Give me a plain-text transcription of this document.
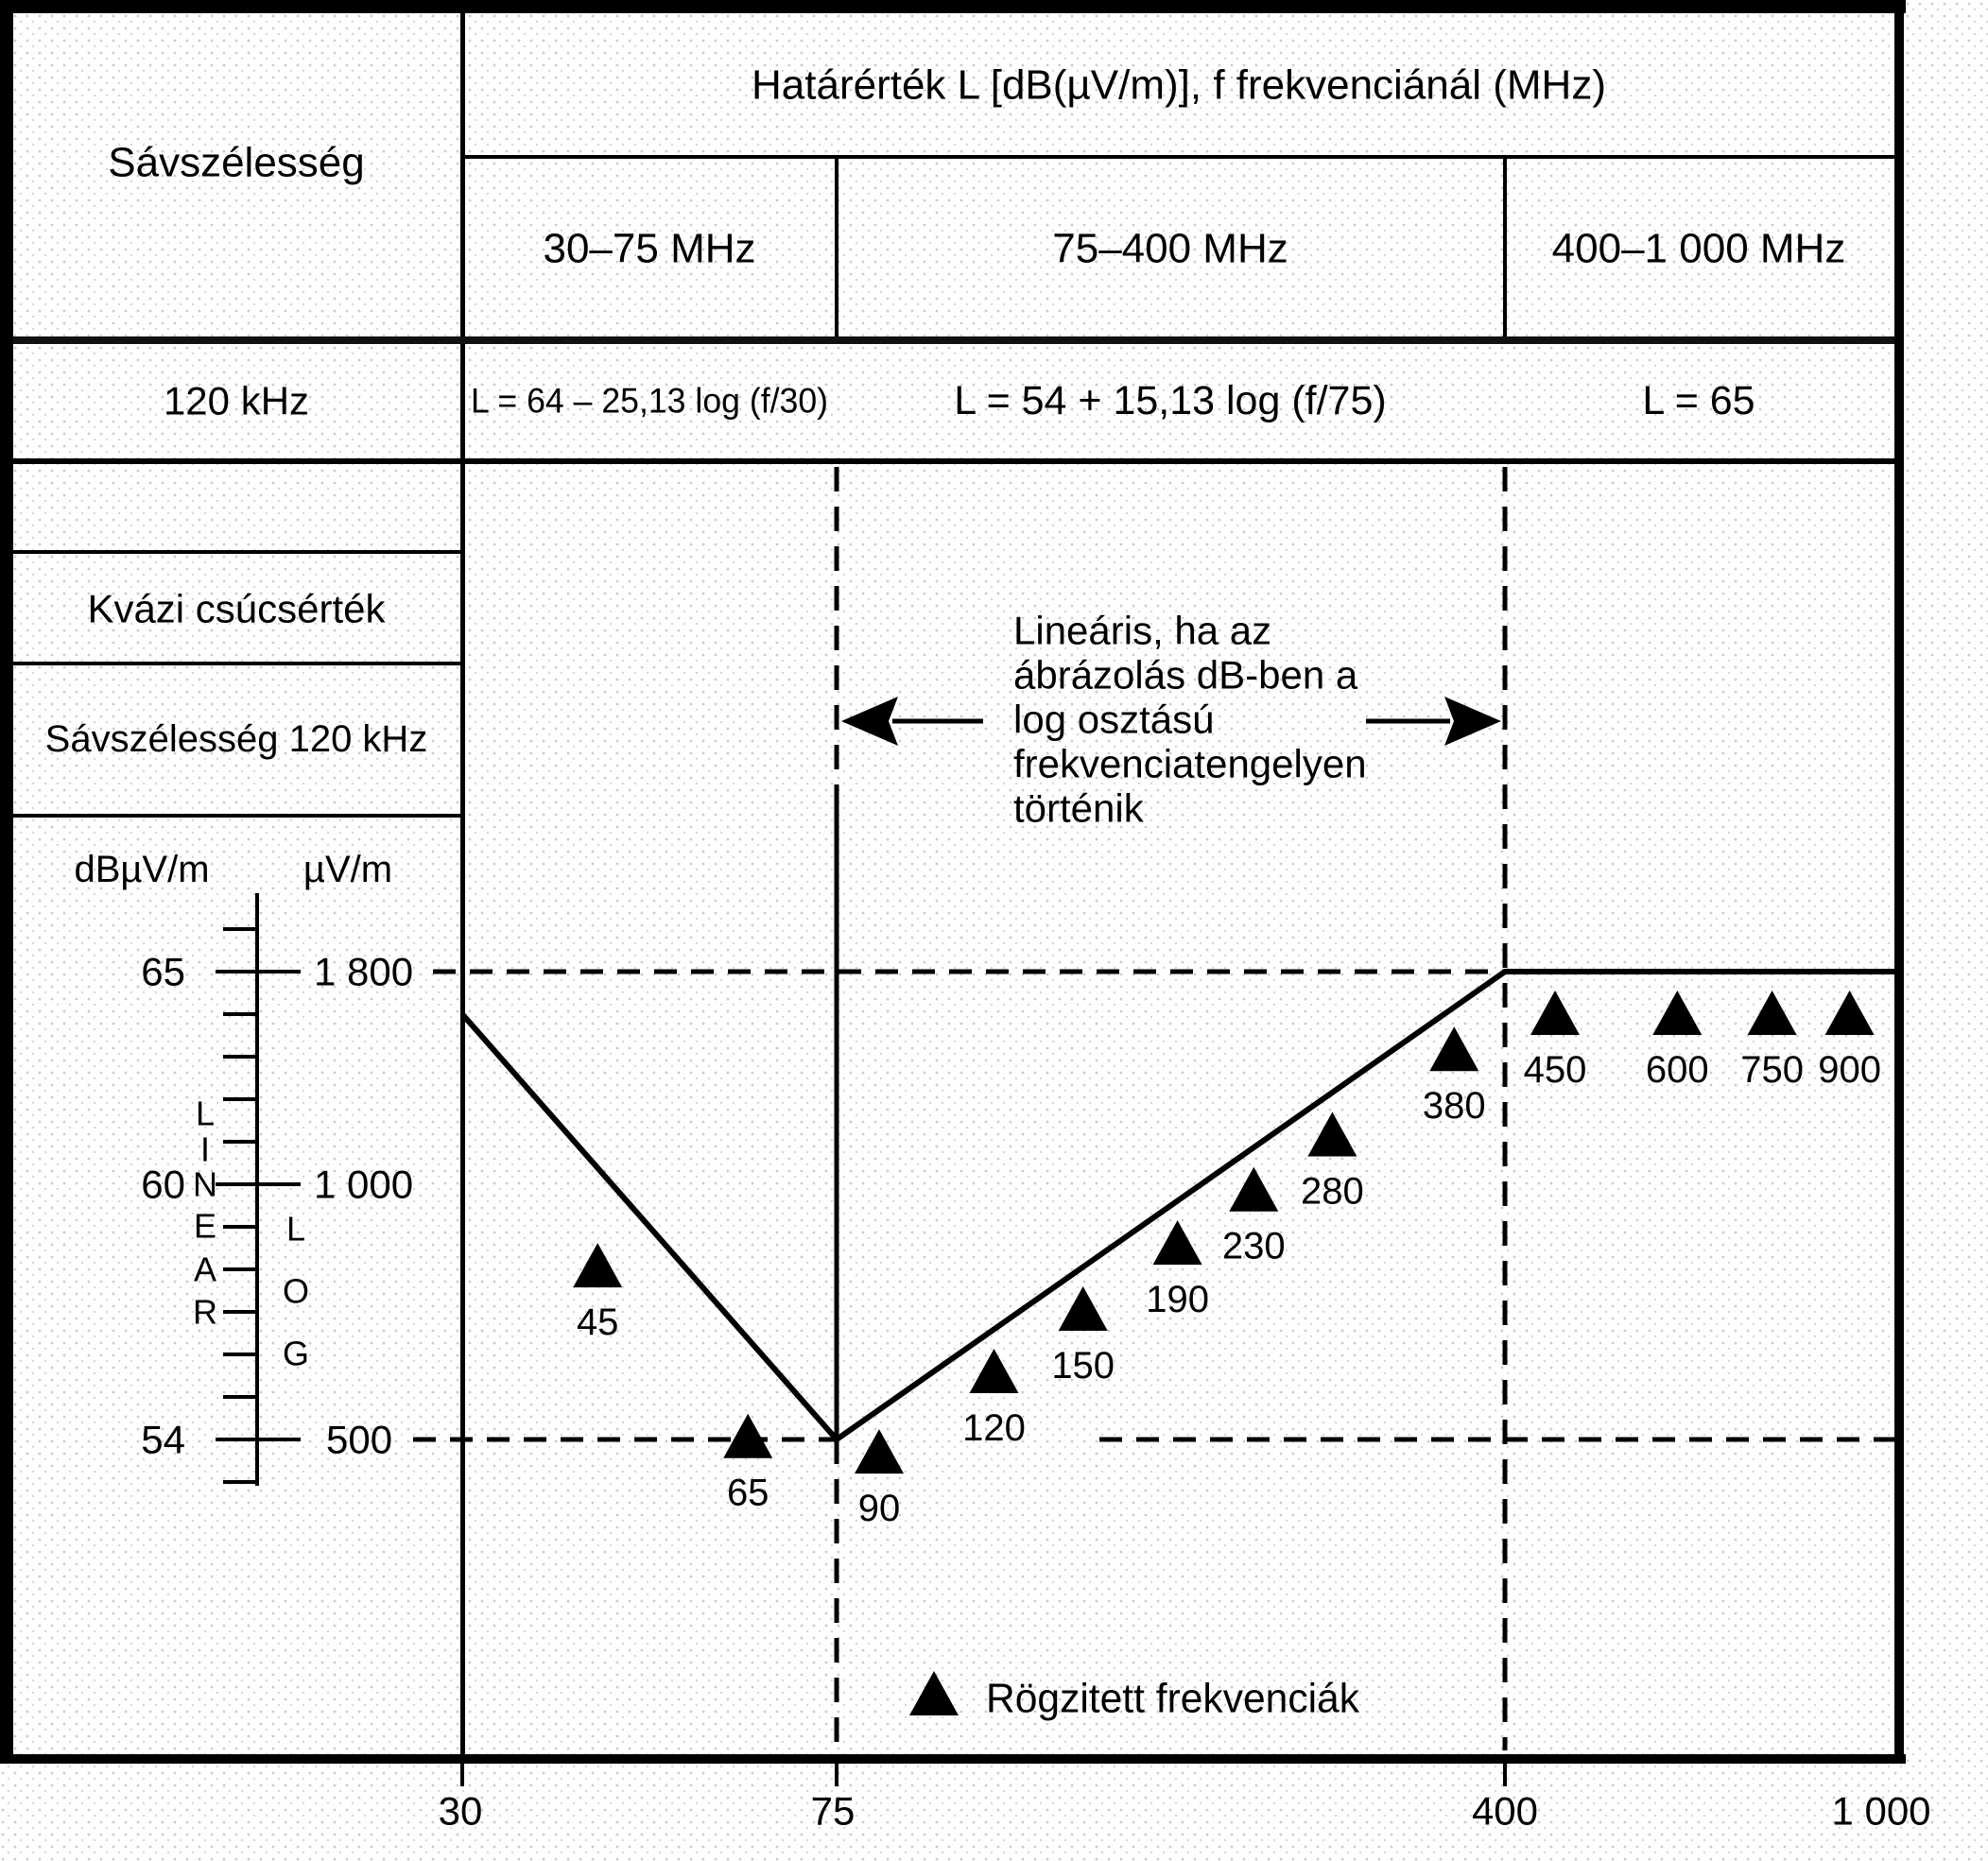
Sávszélesség
Határérték L [dB(µV/m)], f frekvenciánál (MHz)
30–75 MHz	75–400 MHz	400–1 000 MHz
120 kHz	L = 64 – 25,13 log (f/30)	L = 54 + 15,13 log (f/75)	L = 65
Kvázi csúcsérték
Sávszélesség 120 kHz
dBµV/m µV/m
65
60
54
1 800
1 000
500
L
I
N
E
A
R
L
O
G
Lineáris, ha az
ábrázolás dB-ben a
log osztású
frekvenciatengelyen
történik
45
65 90
120
150
190
230
280
380
450 600 750 900
Rögzitett frekvenciák
30	75	400	1 000
